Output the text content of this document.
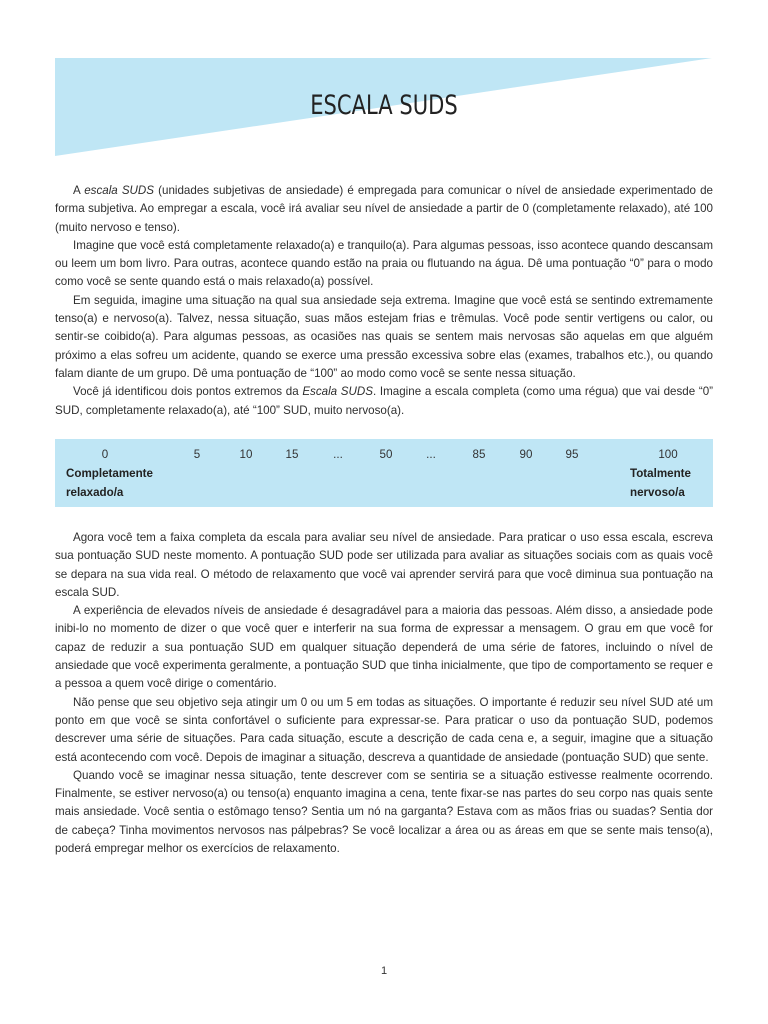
ESCALA SUDS

A escala SUDS (unidades subjetivas de ansiedade) é empregada para comunicar o nível de ansiedade experimentado de forma subjetiva. Ao empregar a escala, você irá avaliar seu nível de ansiedade a partir de 0 (completamente relaxado), até 100 (muito nervoso e tenso).

Imagine que você está completamente relaxado(a) e tranquilo(a). Para algumas pessoas, isso acontece quando descansam ou leem um bom livro. Para outras, acontece quando estão na praia ou flutuando na água. Dê uma pontuação “0” para o modo como você se sente quando está o mais relaxado(a) possível.

Em seguida, imagine uma situação na qual sua ansiedade seja extrema. Imagine que você está se sentindo extremamente tenso(a) e nervoso(a). Talvez, nessa situação, suas mãos estejam frias e trêmulas. Você pode sentir vertigens ou calor, ou sentir-se coibido(a). Para algumas pessoas, as ocasiões nas quais se sentem mais nervosas são aquelas em que alguém próximo a elas sofreu um acidente, quando se exerce uma pressão excessiva sobre elas (exames, trabalhos etc.), ou quando falam diante de um grupo. Dê uma pontuação de “100” ao modo como você se sente nessa situação.

Você já identificou dois pontos extremos da Escala SUDS. Imagine a escala completa (como uma régua) que vai desde “0” SUD, completamente relaxado(a), até “100” SUD, muito nervoso(a).

0	5	10	15	...	50	...	85	90	95	100
Completamente
relaxado/a
Totalmente
nervoso/a

Agora você tem a faixa completa da escala para avaliar seu nível de ansiedade. Para praticar o uso essa escala, escreva sua pontuação SUD neste momento. A pontuação SUD pode ser utilizada para avaliar as situações sociais com as quais você se depara na sua vida real. O método de relaxamento que você vai aprender servirá para que você diminua sua pontuação na escala SUD.

A experiência de elevados níveis de ansiedade é desagradável para a maioria das pessoas. Além disso, a ansiedade pode inibi-lo no momento de dizer o que você quer e interferir na sua forma de expressar a mensagem. O grau em que você for capaz de reduzir a sua pontuação SUD em qualquer situação dependerá de uma série de fatores, incluindo o nível de ansiedade que você experimenta geralmente, a pontuação SUD que tinha inicialmente, que tipo de comportamento se requer e a pessoa a quem você dirige o comentário.

Não pense que seu objetivo seja atingir um 0 ou um 5 em todas as situações. O importante é reduzir seu nível SUD até um ponto em que você se sinta confortável o suficiente para expressar-se. Para praticar o uso da pontuação SUD, podemos descrever uma série de situações. Para cada situação, escute a descrição de cada cena e, a seguir, imagine que a situação está acontecendo com você. Depois de imaginar a situação, descreva a quantidade de ansiedade (pontuação SUD) que sente.

Quando você se imaginar nessa situação, tente descrever com se sentiria se a situação estivesse realmente ocorrendo. Finalmente, se estiver nervoso(a) ou tenso(a) enquanto imagina a cena, tente fixar-se nas partes do seu corpo nas quais sente mais ansiedade. Você sentia o estômago tenso? Sentia um nó na garganta? Estava com as mãos frias ou suadas? Sentia dor de cabeça? Tinha movimentos nervosos nas pálpebras? Se você localizar a área ou as áreas em que se sente mais tenso(a), poderá empregar melhor os exercícios de relaxamento.

1
